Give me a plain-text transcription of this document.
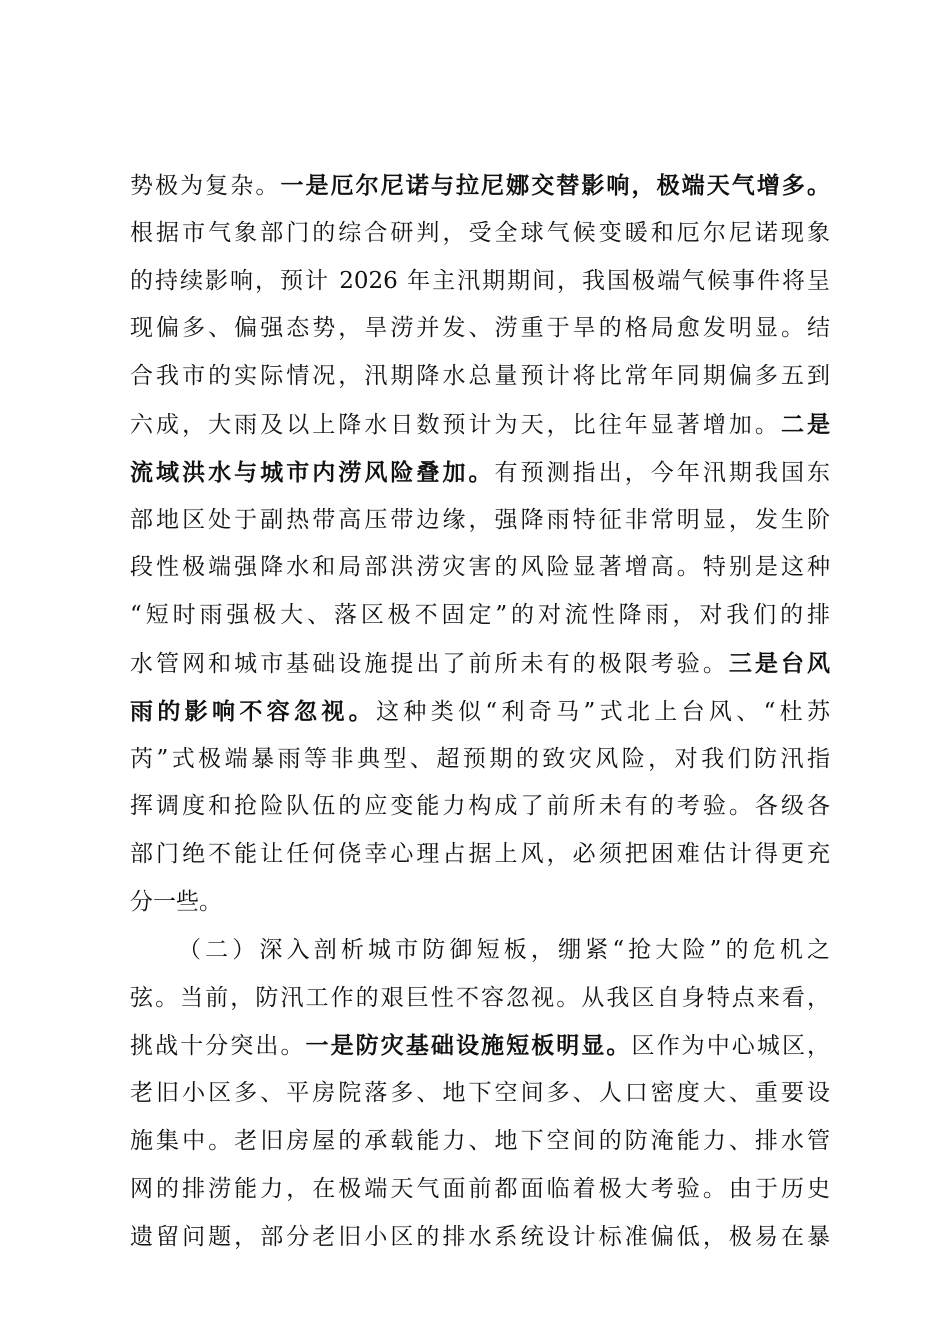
势极为复杂。一是厄尔尼诺与拉尼娜交替影响，极端天气增多。
根据市气象部门的综合研判，受全球气候变暖和厄尔尼诺现象
的持续影响，预计 2026 年主汛期期间，我国极端气候事件将呈
现偏多、偏强态势，旱涝并发、涝重于旱的格局愈发明显。结
合我市的实际情况，汛期降水总量预计将比常年同期偏多五到
六成，大雨及以上降水日数预计为天，比往年显著增加。二是
流域洪水与城市内涝风险叠加。有预测指出，今年汛期我国东
部地区处于副热带高压带边缘，强降雨特征非常明显，发生阶
段性极端强降水和局部洪涝灾害的风险显著增高。特别是这种
“短时雨强极大、落区极不固定”的对流性降雨，对我们的排
水管网和城市基础设施提出了前所未有的极限考验。三是台风
雨的影响不容忽视。这种类似“利奇马”式北上台风、“杜苏
芮”式极端暴雨等非典型、超预期的致灾风险，对我们防汛指
挥调度和抢险队伍的应变能力构成了前所未有的考验。各级各
部门绝不能让任何侥幸心理占据上风，必须把困难估计得更充
分一些。
（二）深入剖析城市防御短板，绷紧“抢大险”的危机之
弦。当前，防汛工作的艰巨性不容忽视。从我区自身特点来看，
挑战十分突出。一是防灾基础设施短板明显。区作为中心城区，
老旧小区多、平房院落多、地下空间多、人口密度大、重要设
施集中。老旧房屋的承载能力、地下空间的防淹能力、排水管
网的排涝能力，在极端天气面前都面临着极大考验。由于历史
遗留问题，部分老旧小区的排水系统设计标准偏低，极易在暴
